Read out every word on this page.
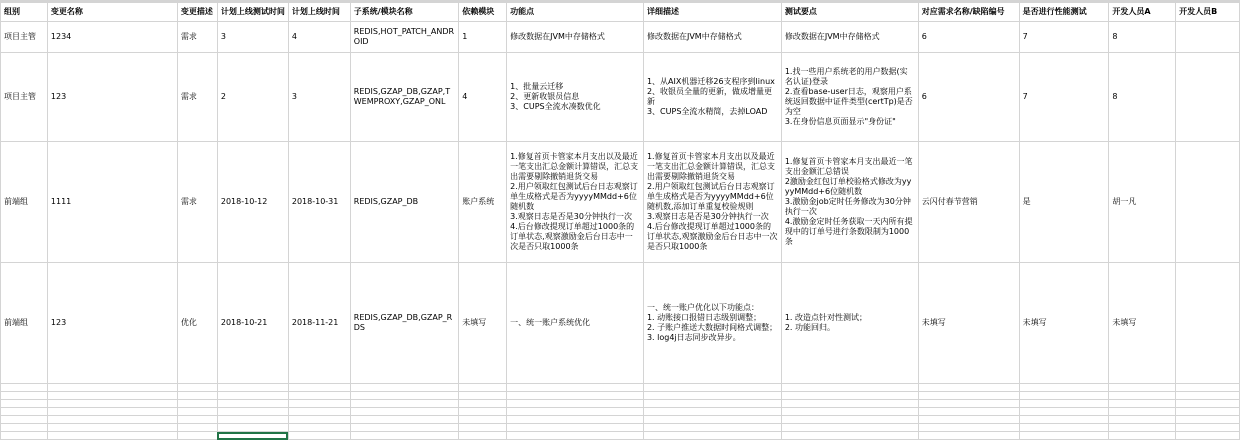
组别	变更名称	变更描述	计划上线测试时间	计划上线时间	子系统/模块名称	依赖模块	功能点	详细描述	测试要点	对应需求名称/缺陷编号	是否进行性能测试	开发人员A	开发人员B
项目主管	1234	需求	3	4	REDIS,HOT_PATCH_ANDROID	1	修改数据在JVM中存储格式	修改数据在JVM中存储格式	修改数据在JVM中存储格式	6	7	8	
项目主管	123	需求	2	3	REDIS,GZAP_DB,GZAP,TWEMPROXY,GZAP_ONL	4	1、批量云迁移
2、更新收银员信息
3、CUPS全流水凑数优化	1、从AIX机器迁移26支程序到linux
2、收银员全量的更新，做成增量更新
3、CUPS全流水精简，去掉LOAD	1.找一些用户系统老的用户数据(实名认证)登录
2.查看base-user日志，观察用户系统返回数据中证件类型(certTp)是否为空
3.在身份信息页面显示"身份证"	6	7	8	
前端组	1111	需求	2018-10-12	2018-10-31	REDIS,GZAP_DB	账户系统	1.修复首页卡管家本月支出以及最近一笔支出汇总金额计算错误，汇总支出需要剔除撤销退货交易
2.用户领取红包测试后台日志观察订单生成格式是否为yyyyMMdd+6位随机数
3.观察日志是否是30分钟执行一次
4.后台修改提现订单超过1000条的订单状态,观察激励金后台日志中一次是否只取1000条	1.修复首页卡管家本月支出以及最近一笔支出汇总金额计算错误，汇总支出需要剔除撤销退货交易
2.用户领取红包测试后台日志观察订单生成格式是否为yyyyMMdd+6位随机数,添加订单重复校验规则
3.观察日志是否是30分钟执行一次
4.后台修改提现订单超过1000条的订单状态,观察激励金后台日志中一次是否只取1000条	1.修复首页卡管家本月支出最近一笔支出金额汇总错误
2激励金红包订单校验格式修改为yyyyMMdd+6位随机数
3.激励金job定时任务修改为30分钟执行一次
4.激励金定时任务获取一天内所有提现中的订单号进行条数限制为1000条	云闪付春节营销	是	胡一凡	
前端组	123	优化	2018-10-21	2018-11-21	REDIS,GZAP_DB,GZAP_RDS	未填写	一、统一账户系统优化	一、统一账户优化以下功能点：
1. 动账接口报错日志级别调整；
2. 子账户推送大数据时间格式调整；
3. log4j日志同步改异步。	1. 改造点针对性测试；
2. 功能回归。	未填写	未填写	未填写	
